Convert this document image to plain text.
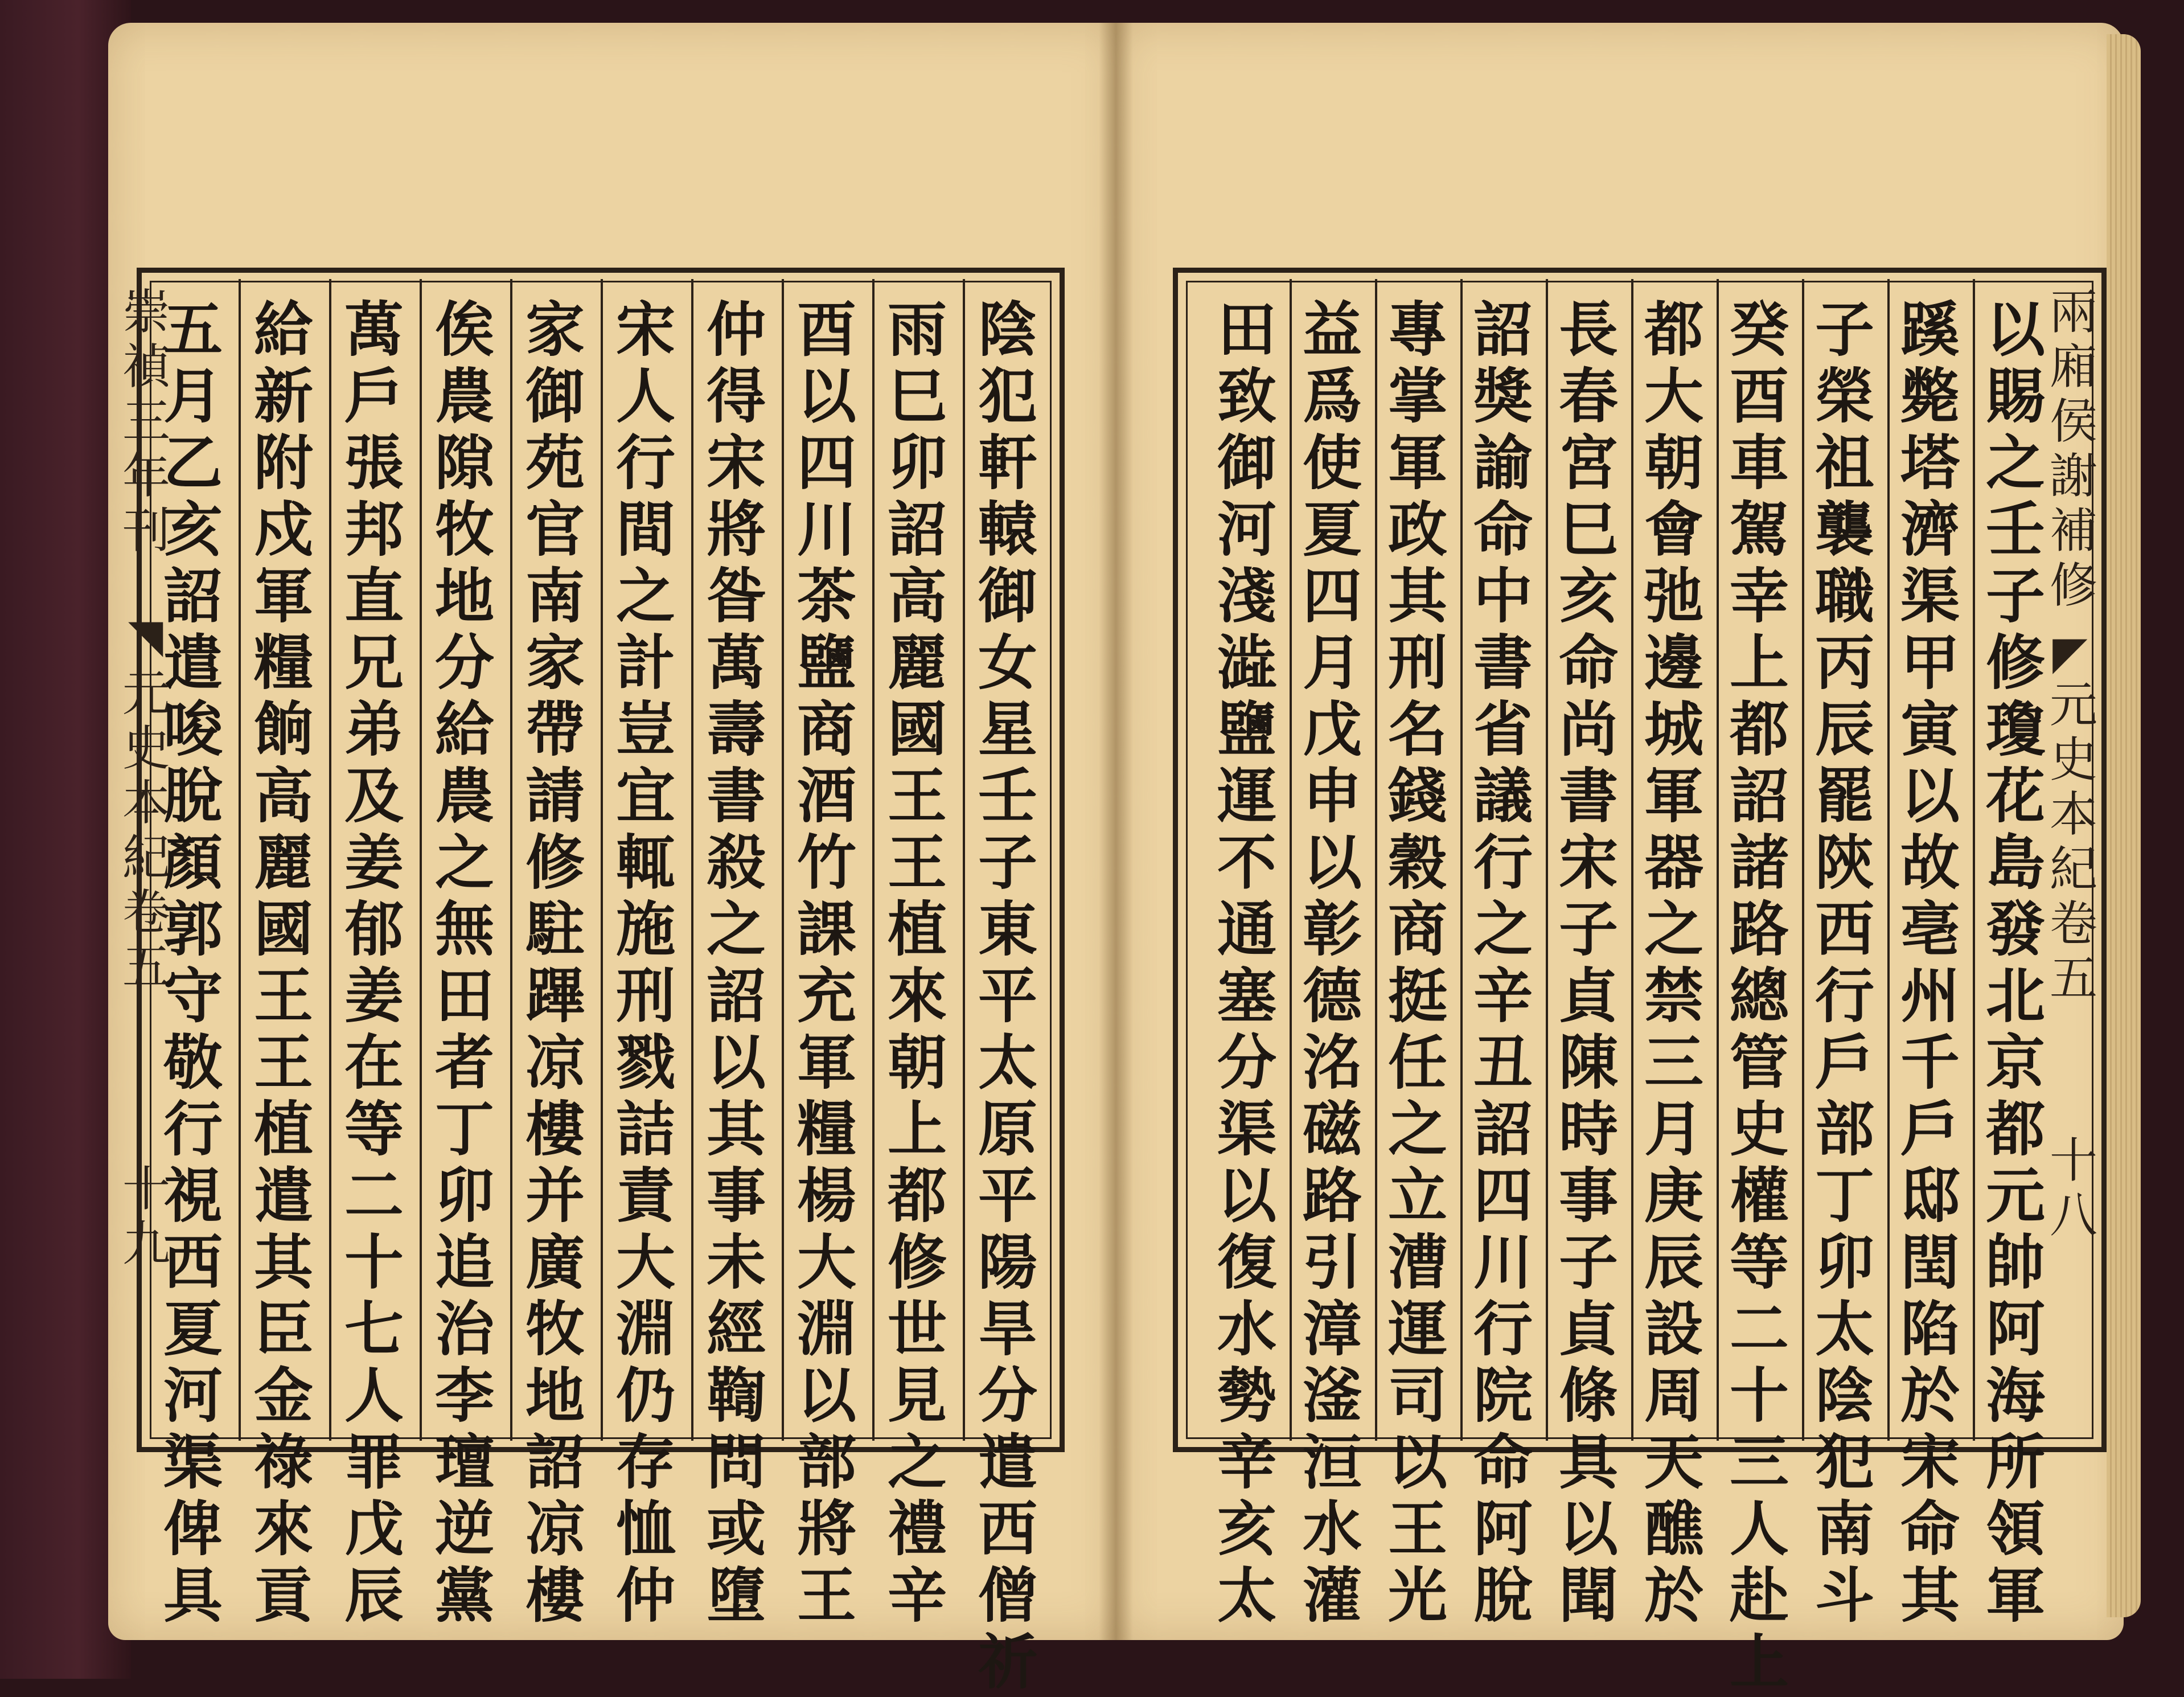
崇
禎
三
年
刊
◥
元
史
本
紀
卷
五
十
九
兩
廂
侯
謝
補
修
◤
元
史
本
紀
卷
五
十
八
陰
犯
軒
轅
御
女
星
壬
子
東
平
太
原
平
陽
旱
分
遣
西
僧
祈
雨
巳
卯
詔
高
麗
國
王
王
植
來
朝
上
都
修
世
見
之
禮
辛
酉
以
四
川
茶
鹽
商
酒
竹
課
充
軍
糧
楊
大
淵
以
部
將
王
仲
得
宋
將
昝
萬
壽
書
殺
之
詔
以
其
事
未
經
鞫
問
或
墮
宋
人
行
間
之
計
豈
宜
輒
施
刑
戮
詰
責
大
淵
仍
存
恤
仲
家
御
苑
官
南
家
帶
請
修
駐
蹕
凉
樓
并
廣
牧
地
詔
凉
樓
俟
農
隙
牧
地
分
給
農
之
無
田
者
丁
卯
追
治
李
璮
逆
黨
萬
戶
張
邦
直
兄
弟
及
姜
郁
姜
在
等
二
十
七
人
罪
戊
辰
給
新
附
戍
軍
糧
餉
高
麗
國
王
王
植
遣
其
臣
金
祿
來
貢
五
月
乙
亥
詔
遣
唆
脫
顏
郭
守
敬
行
視
西
夏
河
渠
俾
具
以
賜
之
壬
子
修
瓊
花
島
發
北
京
都
元
帥
阿
海
所
領
軍
蹊
斃
塔
濟
渠
甲
寅
以
故
亳
州
千
戶
邸
閏
陷
於
宋
命
其
子
榮
祖
襲
職
丙
辰
罷
陝
西
行
戶
部
丁
卯
太
陰
犯
南
斗
癸
酉
車
駕
幸
上
都
詔
諸
路
總
管
史
權
等
二
十
三
人
赴
上
都
大
朝
會
弛
邊
城
軍
器
之
禁
三
月
庚
辰
設
周
天
醮
於
長
春
宮
巳
亥
命
尚
書
宋
子
貞
陳
時
事
子
貞
條
具
以
聞
詔
獎
諭
命
中
書
省
議
行
之
辛
丑
詔
四
川
行
院
命
阿
脫
專
掌
軍
政
其
刑
名
錢
穀
商
挺
任
之
立
漕
運
司
以
王
光
益
爲
使
夏
四
月
戊
申
以
彰
德
洺
磁
路
引
漳
滏
洹
水
灌
田
致
御
河
淺
澁
鹽
運
不
通
塞
分
渠
以
復
水
勢
辛
亥
太
